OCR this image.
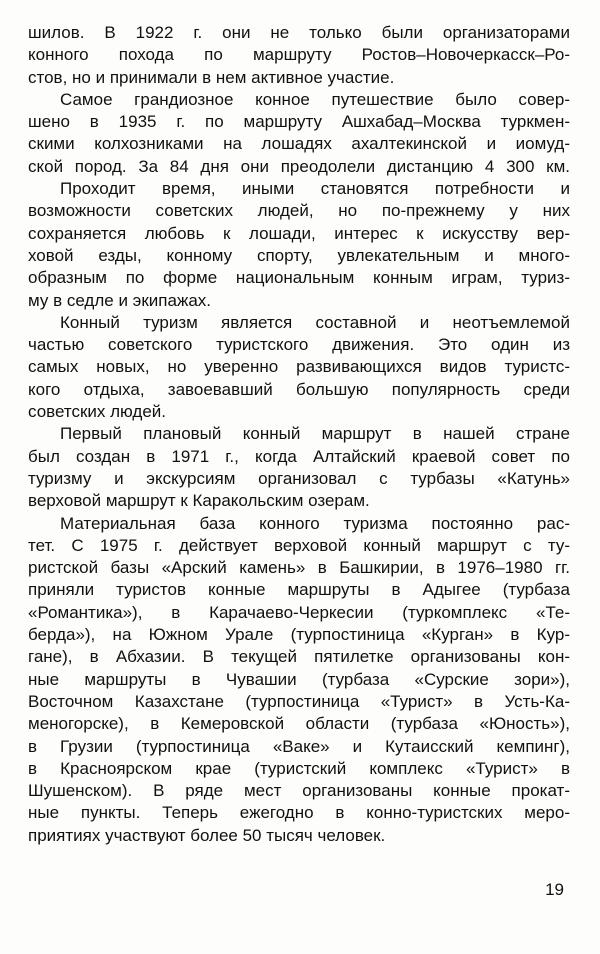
шилов. В 1922 г. они не только были организаторами
конного похода по маршруту Ростов–Новочеркасск–Ро-
стов, но и принимали в нем активное участие.
Самое грандиозное конное путешествие было совер-
шено в 1935 г. по маршруту Ашхабад–Москва туркмен-
скими колхозниками на лошадях ахалтекинской и иомуд-
ской пород. За 84 дня они преодолели дистанцию 4 300 км.
Проходит время, иными становятся потребности и
возможности советских людей, но по-прежнему у них
сохраняется любовь к лошади, интерес к искусству вер-
ховой езды, конному спорту, увлекательным и много-
образным по форме национальным конным играм, туриз-
му в седле и экипажах.
Конный туризм является составной и неотъемлемой
частью советского туристского движения. Это один из
самых новых, но уверенно развивающихся видов туристс-
кого отдыха, завоевавший большую популярность среди
советских людей.
Первый плановый конный маршрут в нашей стране
был создан в 1971 г., когда Алтайский краевой совет по
туризму и экскурсиям организовал с турбазы «Катунь»
верховой маршрут к Каракольским озерам.
Материальная база конного туризма постоянно рас-
тет. С 1975 г. действует верховой конный маршрут с ту-
ристской базы «Арский камень» в Башкирии, в 1976–1980 гг.
приняли туристов конные маршруты в Адыгее (турбаза
«Романтика»), в Карачаево-Черкесии (туркомплекс «Те-
берда»), на Южном Урале (турпостиница «Курган» в Кур-
гане), в Абхазии. В текущей пятилетке организованы кон-
ные маршруты в Чувашии (турбаза «Сурские зори»),
Восточном Казахстане (турпостиница «Турист» в Усть-Ка-
меногорске), в Кемеровской области (турбаза «Юность»),
в Грузии (турпостиница «Ваке» и Кутаисский кемпинг),
в Красноярском крае (туристский комплекс «Турист» в
Шушенском). В ряде мест организованы конные прокат-
ные пункты. Теперь ежегодно в конно-туристских меро-
приятиях участвуют более 50 тысяч человек.
19
